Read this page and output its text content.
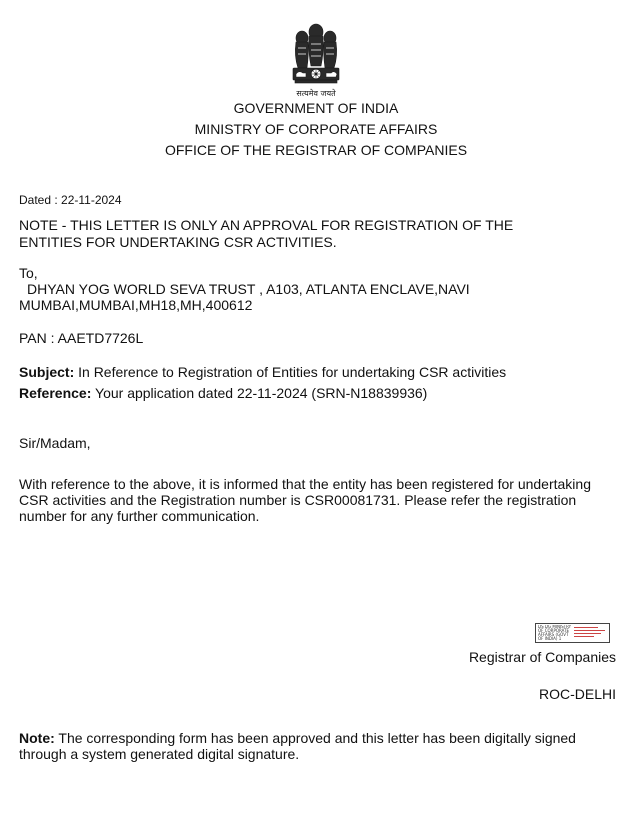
सत्यमेव जयते
GOVERNMENT OF INDIA
MINISTRY OF CORPORATE AFFAIRS
OFFICE OF THE REGISTRAR OF COMPANIES
Dated : 22-11-2024
NOTE - THIS LETTER IS ONLY AN APPROVAL FOR REGISTRATION OF THE
ENTITIES FOR UNDERTAKING CSR ACTIVITIES.
To,
DHYAN YOG WORLD SEVA TRUST , A103, ATLANTA ENCLAVE,NAVI
MUMBAI,MUMBAI,MH18,MH,400612
PAN : AAETD7726L
Subject: In Reference to Registration of Entities for undertaking CSR activities
Reference: Your application dated 22-11-2024 (SRN-N18839936)
Sir/Madam,
With reference to the above, it is informed that the entity has been registered for undertaking
CSR activities and the Registration number is CSR00081731. Please refer the registration
number for any further communication.
DS DG MINISTRY OF CORPORATE AFFAIRS (GOVT OF INDIA) 1
Registrar of Companies
ROC-DELHI
Note: The corresponding form has been approved and this letter has been digitally signed
through a system generated digital signature.
